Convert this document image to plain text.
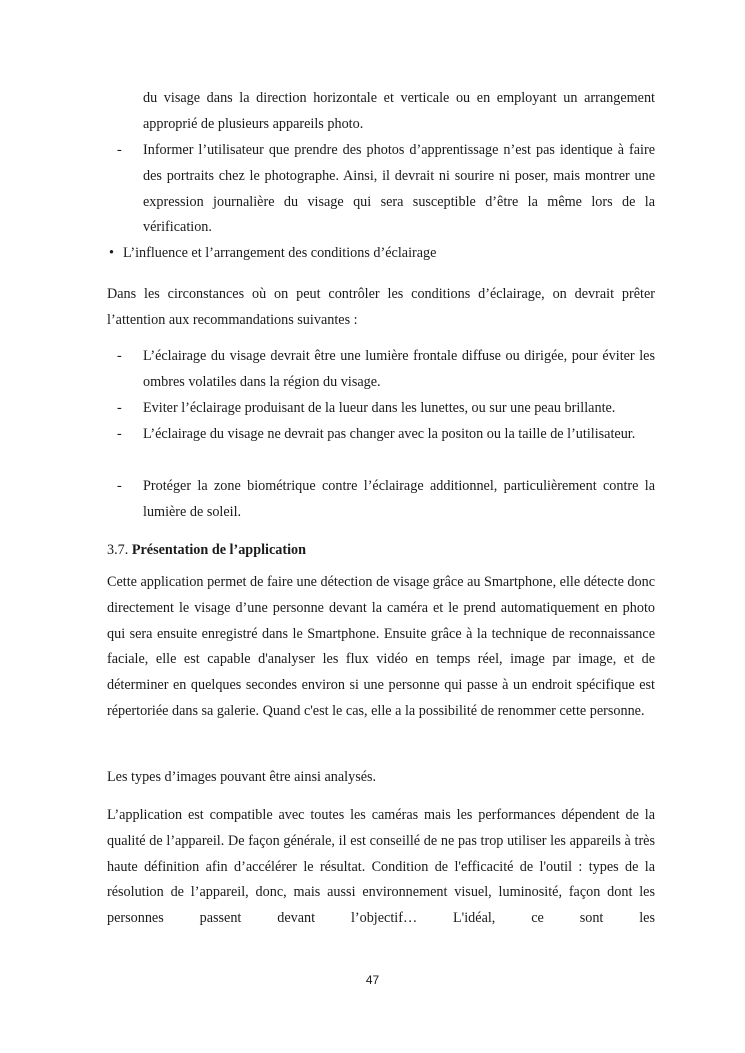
du visage dans la direction horizontale et verticale ou en employant un arrangement approprié de plusieurs appareils photo.

- Informer l’utilisateur que prendre des photos d’apprentissage n’est pas identique à faire des portraits chez le photographe. Ainsi, il devrait ni sourire ni poser, mais montrer une expression journalière du visage qui sera susceptible d’être la même lors de la vérification.

• L’influence et l’arrangement des conditions d’éclairage

Dans les circonstances où on peut contrôler les conditions d’éclairage, on devrait prêter l’attention aux recommandations suivantes :

- L’éclairage du visage devrait être une lumière frontale diffuse ou dirigée, pour éviter les ombres volatiles dans la région du visage.

- Eviter l’éclairage produisant de la lueur dans les lunettes, ou sur une peau brillante.

- L’éclairage du visage ne devrait pas changer avec la positon ou la taille de l’utilisateur.

- Protéger la zone biométrique contre l’éclairage additionnel, particulièrement contre la lumière de soleil.

3.7. Présentation de l’application

Cette application permet de faire une détection de visage grâce au Smartphone, elle détecte donc directement le visage d’une personne devant la caméra et le prend automatiquement en photo qui sera ensuite enregistré dans le Smartphone. Ensuite grâce à la technique de reconnaissance faciale, elle est capable d'analyser les flux vidéo en temps réel, image par image, et de déterminer en quelques secondes environ si une personne qui passe à un endroit spécifique est répertoriée dans sa galerie. Quand c'est le cas, elle a la possibilité de renommer cette personne.

Les types d’images pouvant être ainsi analysés.

L’application est compatible avec toutes les caméras mais les performances dépendent de la qualité de l’appareil. De façon générale, il est conseillé de ne pas trop utiliser les appareils à très haute définition afin d’accélérer le résultat. Condition de l'efficacité de l'outil : types de la résolution de l’appareil, donc, mais aussi environnement visuel, luminosité, façon dont les personnes passent devant l’objectif… L'idéal, ce sont les

47
